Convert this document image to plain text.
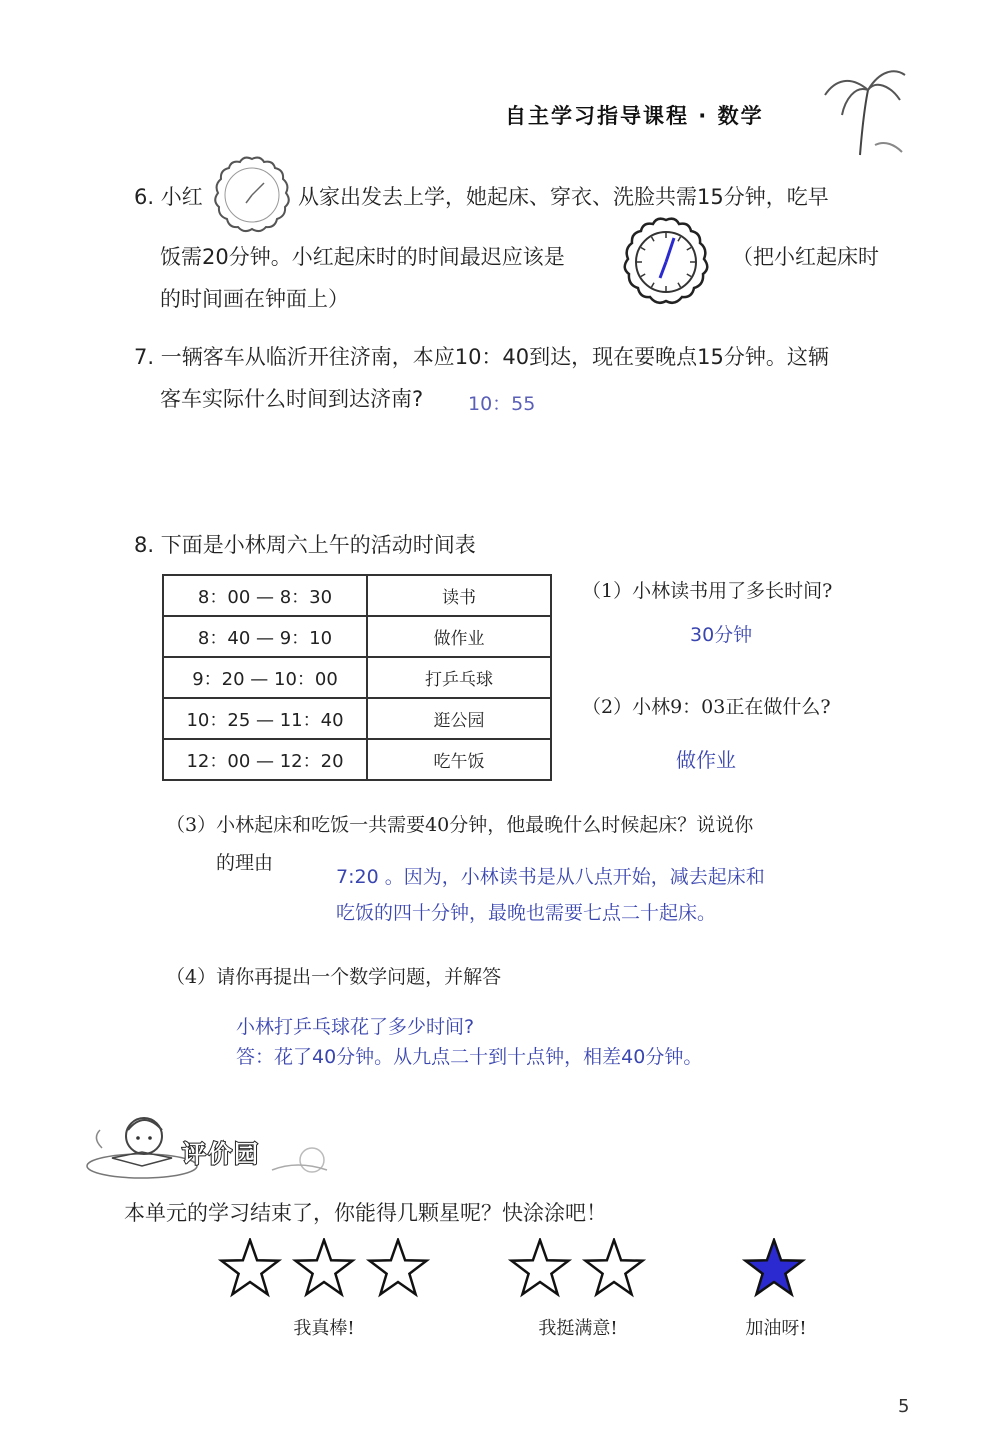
自主学习指导课程 · 数学
6. 小红	从家出发去上学，她起床、穿衣、洗脸共需15分钟，吃早
饭需20分钟。小红起床时的时间最迟应该是	（把小红起床时
的时间画在钟面上）
7. 一辆客车从临沂开往济南，本应10：40到达，现在要晚点15分钟。这辆
客车实际什么时间到达济南? 10：55
8. 下面是小林周六上午的活动时间表
8：00 — 8：30	读书
8：40 — 9：10	做作业
9：20 — 10：00	打乒乓球
10：25 — 11：40	逛公园
12：00 — 12：20	吃午饭
（1）小林读书用了多长时间?
30分钟
（2）小林9：03正在做什么?
做作业
（3）小林起床和吃饭一共需要40分钟，他最晚什么时候起床？说说你
的理由
7:20 。因为，小林读书是从八点开始，减去起床和
吃饭的四十分钟，最晚也需要七点二十起床。
（4）请你再提出一个数学问题，并解答
小林打乒乓球花了多少时间?
答：花了40分钟。从九点二十到十点钟，相差40分钟。
评价园
本单元的学习结束了，你能得几颗星呢？快涂涂吧！
我真棒!	我挺满意!	加油呀!
5
